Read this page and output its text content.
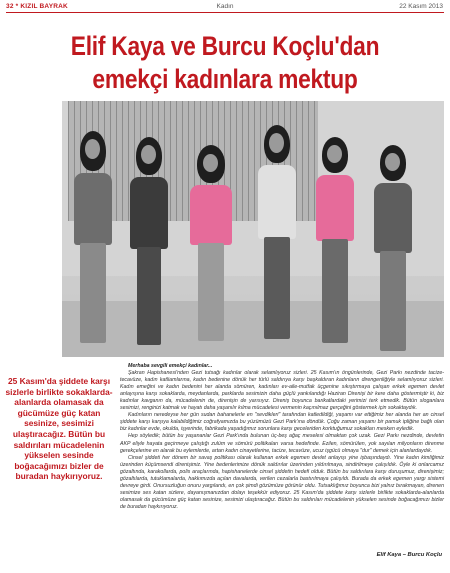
32 * KIZIL BAYRAK	Kadın	22 Kasım 2013
Elif Kaya ve Burcu Koçlu'dan
emekçi kadınlara mektup
25 Kasım'da şiddete karşı sizlerle birlikte sokaklarda-alanlarda olamasak da gücümüze güç katan sesinize, sesimizi ulaştıracağız. Bütün bu saldırıları mücadelenin yükselen sesinde boğacağımızı bizler de buradan haykırıyoruz.

Merhaba sevgili emekçi kadınlar...

Şakran Hapishanesi'nden Gezi tutsağı kadınlar olarak selamlıyoruz sizleri. 25 Kasım'ın öngünlerinde, Gezi Parkı nezdinde tacize-tecavüze, kadın katliamlarına, kadın bedenine dönük her türlü saldırıya karşı başkaldıran kadınların direngenliğiyle selamlıyoruz sizleri. Kadın emeğini ve kadın bedenini her alanda sömüren, kadınları ev-aile-mutfak üçgenine sıkıştırmaya çalışan erkek egemen devlet anlayışına karşı sokaklarda, meydanlarda, parklarda sesimizin daha güçlü yankılandığı Haziran Direnişi bir kere daha göstermiştir ki, biz kadınlar kavganın da, mücadelenin de, direnişin de yarısıyız. Direniş boyunca barikatlardaki yerimizi terk etmedik. Bütün sloganlara sesimizi, renginizi katmak ve hayatı daha yaşanılır kılma mücadelesi vermenin kaçınılmaz gerçeğini göstermek için sokaktaydık.

Kadınların neredeyse her gün sudan bahanelerle en "sevdikleri" tarafından katledildiği, yaşamı var ettiğimiz her alanda her an cinsel şiddete karşı karşıya kalabildiğimiz coğrafyamızda bu yüzümüzü Gezi Park'ına döndük. Çoğu zaman yaşamı bir pamuk ipliğine bağlı olan biz kadınlar evde, okulda, işyerinde, fabrikada yaşadığımız sorunlara karşı geceleriden korktuğumuz sokakları mesken eyledik.

Hep söyledik; bütün bu yaşananlar Gezi Park'ında bulunan üç-beş ağaç meselesi olmaktan çok uzak. Gezi Parkı nezdinde, devletin AKP eliyle hayata geçirmeye çalıştığı zulüm ve sömürü politikaları varsa hedefinde. Ezilen, sömürülen, yok sayılan milyonların direnme gerekçelerine en alarak bu eylemlerde, artan kadın cinayetlerine, tacize, tecavüze, ucuz işgücü olmaya "dur" demek için alanlardaydık.

Cinsel şiddeti her dönem bir savaş politikası olarak kullanan erkek egemen devlet anlayışı yine işbaşındaydı. Yine kadın kimliğimiz üzerinden küçümsendi direnişimiz. Yine bedenlerimize dönük saldırılar üzerinden yıldırılmaya, sindirilmeye çalışıldık. Öyle ki onlarcamız gözaltında, karakollarda, polis araçlarında, hapishanelerde cinsel şiddetin hedefi olduk. Bütün bu saldırılara karşı duruşumuz, direnişimiz; gözaltılarda, tutuklamalarda, hakkımızda açılan davalarda, verilen cezalarla bastırılmaya çalışıldı. Burada da erkek egemen yargı sistemi devreye girdi. Onursuzluğun onuru yargılandı, en çok şimdi gözümüze görünür oldu. Tutsaklığımız boyunca bizi yalnız bırakmayan, direnen sesimize ses katan sizlere, dayanışmanızdan dolayı teşekkür ediyoruz. 25 Kasım'da şiddete karşı sizlerle birlikte sokaklarda-alanlarda olamasak da gücümüze güç katan sesinize, sesimizi ulaştıracağız. Bütün bu saldırıları mücadelenin yükselen sesinde boğacağımızı bizler de buradan haykırıyoruz.

Elif Kaya – Burcu Koçlu
